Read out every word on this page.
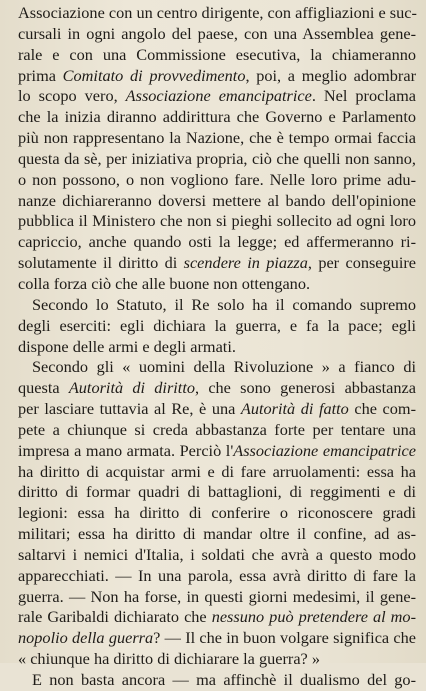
Associazione con un centro dirigente, con affigliazioni e suc-
cursali in ogni angolo del paese, con una Assemblea gene-
rale e con una Commissione esecutiva, la chiameranno
prima Comitato di provvedimento, poi, a meglio adombrar
lo scopo vero, Associazione emancipatrice. Nel proclama
che la inizia diranno addirittura che Governo e Parlamento
più non rappresentano la Nazione, che è tempo ormai faccia
questa da sè, per iniziativa propria, ciò che quelli non sanno,
o non possono, o non vogliono fare. Nelle loro prime adu-
nanze dichiareranno doversi mettere al bando dell'opinione
pubblica il Ministero che non si pieghi sollecito ad ogni loro
capriccio, anche quando osti la legge; ed affermeranno ri-
solutamente il diritto di scendere in piazza, per conseguire
colla forza ciò che alle buone non ottengano.
Secondo lo Statuto, il Re solo ha il comando supremo
degli eserciti: egli dichiara la guerra, e fa la pace; egli
dispone delle armi e degli armati.
Secondo gli « uomini della Rivoluzione » a fianco di
questa Autorità di diritto, che sono generosi abbastanza
per lasciare tuttavia al Re, è una Autorità di fatto che com-
pete a chiunque si creda abbastanza forte per tentare una
impresa a mano armata. Perciò l'Associazione emancipatrice
ha diritto di acquistar armi e di fare arruolamenti: essa ha
diritto di formar quadri di battaglioni, di reggimenti e di
legioni: essa ha diritto di conferire o riconoscere gradi
militari; essa ha diritto di mandar oltre il confine, ad as-
saltarvi i nemici d'Italia, i soldati che avrà a questo modo
apparecchiati. — In una parola, essa avrà diritto di fare la
guerra. — Non ha forse, in questi giorni medesimi, il gene-
rale Garibaldi dichiarato che nessuno può pretendere al mo-
nopolio della guerra? — Il che in buon volgare significa che
« chiunque ha diritto di dichiarare la guerra? »
E non basta ancora — ma affinchè il dualismo del go-
